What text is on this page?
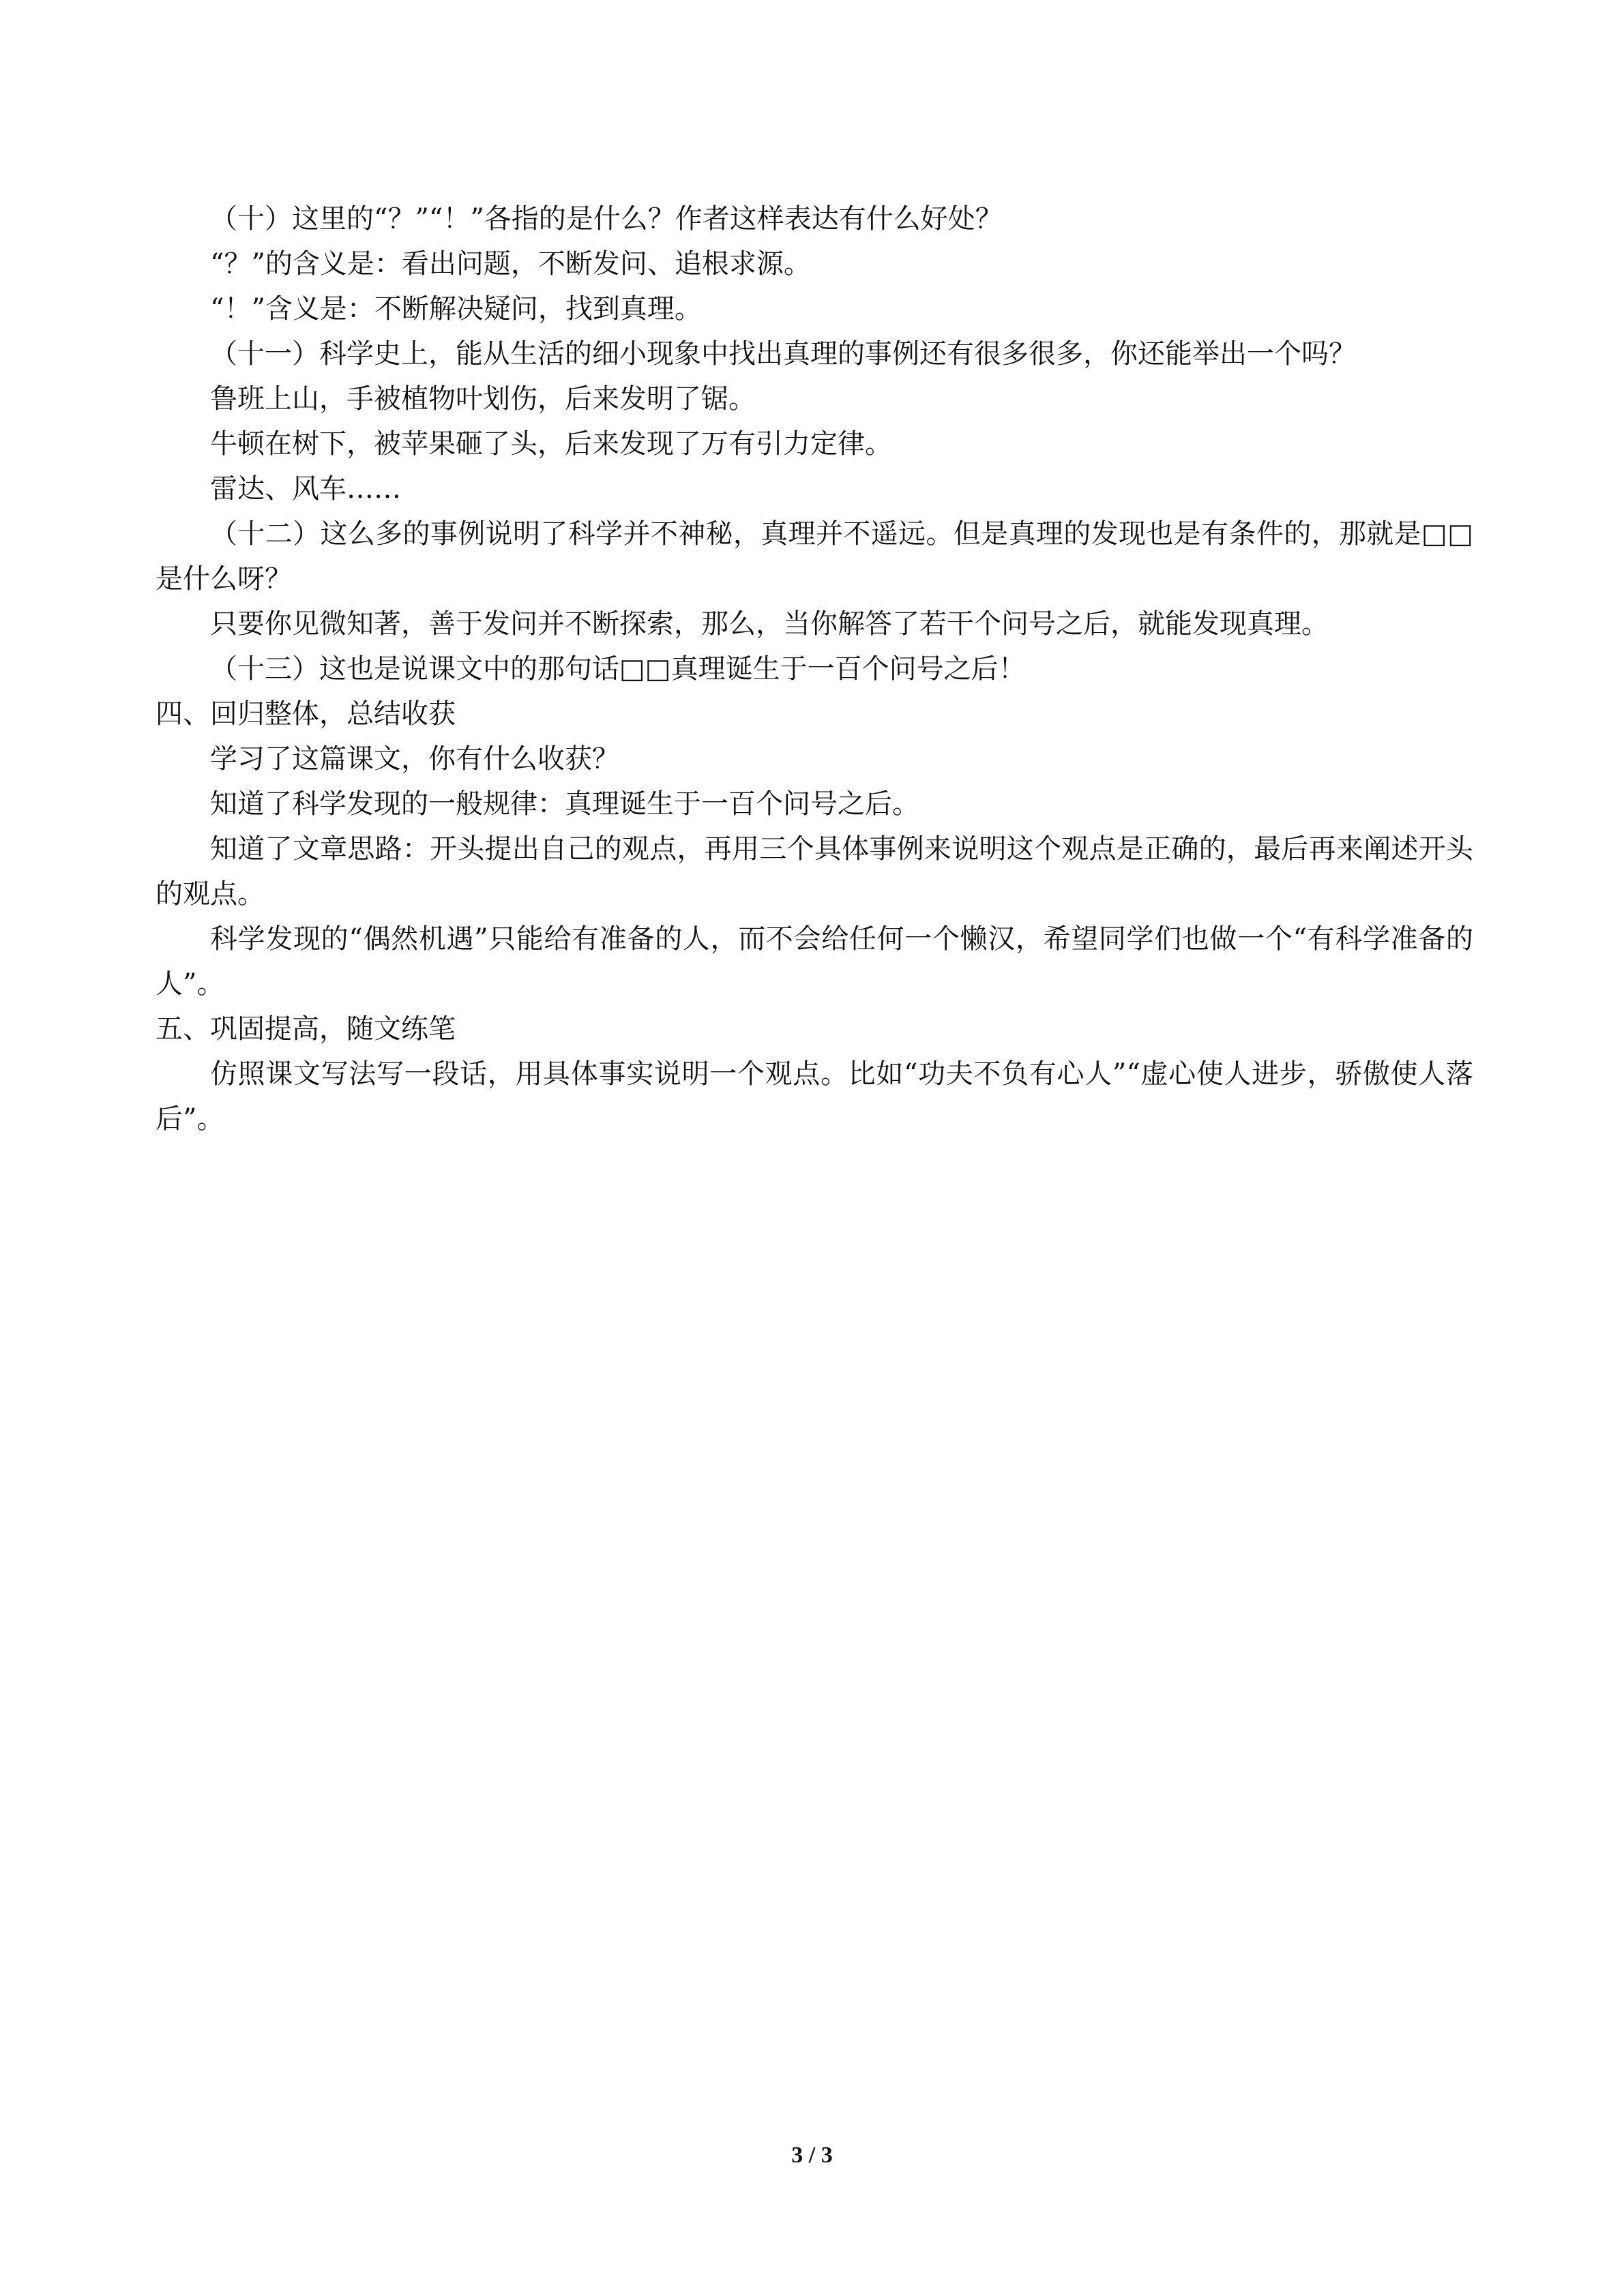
（十）这里的“？”“！”各指的是什么？作者这样表达有什么好处？

“？”的含义是：看出问题，不断发问、追根求源。

“！”含义是：不断解决疑问，找到真理。

（十一）科学史上，能从生活的细小现象中找出真理的事例还有很多很多，你还能举出一个吗？

鲁班上山，手被植物叶划伤，后来发明了锯。

牛顿在树下，被苹果砸了头，后来发现了万有引力定律。

雷达、风车……

（十二）这么多的事例说明了科学并不神秘，真理并不遥远。但是真理的发现也是有条件的，那就是□□是什么呀？

只要你见微知著，善于发问并不断探索，那么，当你解答了若干个问号之后，就能发现真理。

（十三）这也是说课文中的那句话□□真理诞生于一百个问号之后！

四、回归整体，总结收获

学习了这篇课文，你有什么收获？

知道了科学发现的一般规律：真理诞生于一百个问号之后。

知道了文章思路：开头提出自己的观点，再用三个具体事例来说明这个观点是正确的，最后再来阐述开头的观点。

科学发现的“偶然机遇”只能给有准备的人，而不会给任何一个懒汉，希望同学们也做一个“有科学准备的人”。

五、巩固提高，随文练笔

仿照课文写法写一段话，用具体事实说明一个观点。比如“功夫不负有心人”“虚心使人进步，骄傲使人落后”。

3 / 3
